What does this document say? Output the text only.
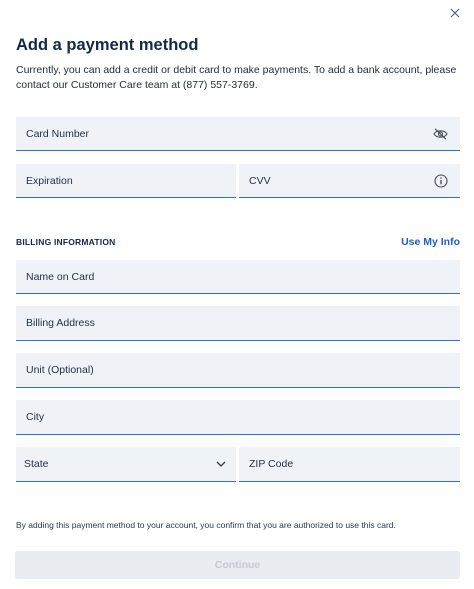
Add a payment method

Currently, you can add a credit or debit card to make payments. To add a bank account, please contact our Customer Care team at (877) 557-3769.

Card Number
Expiration	CVV
BILLING INFORMATION	Use My Info
Name on Card
Billing Address
Unit (Optional)
City
State	ZIP Code
By adding this payment method to your account, you confirm that you are authorized to use this card.
Continue
